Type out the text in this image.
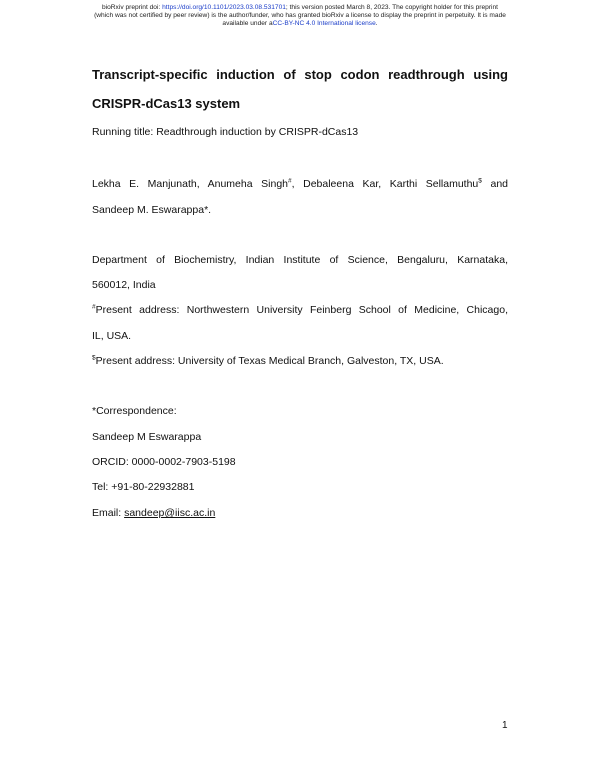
bioRxiv preprint doi: https://doi.org/10.1101/2023.03.08.531701; this version posted March 8, 2023. The copyright holder for this preprint
(which was not certified by peer review) is the author/funder, who has granted bioRxiv a license to display the preprint in perpetuity. It is made
available under aCC-BY-NC 4.0 International license.

Transcript-specific induction of stop codon readthrough using

CRISPR-dCas13 system

Running title: Readthrough induction by CRISPR-dCas13

Lekha E. Manjunath, Anumeha Singh#, Debaleena Kar, Karthi Sellamuthu$ and

Sandeep M. Eswarappa*.

Department of Biochemistry, Indian Institute of Science, Bengaluru, Karnataka,

560012, India

#Present address: Northwestern University Feinberg School of Medicine, Chicago,

IL, USA.

$Present address: University of Texas Medical Branch, Galveston, TX, USA.

*Correspondence:

Sandeep M Eswarappa

ORCID: 0000-0002-7903-5198

Tel: +91-80-22932881

Email: sandeep@iisc.ac.in

1
